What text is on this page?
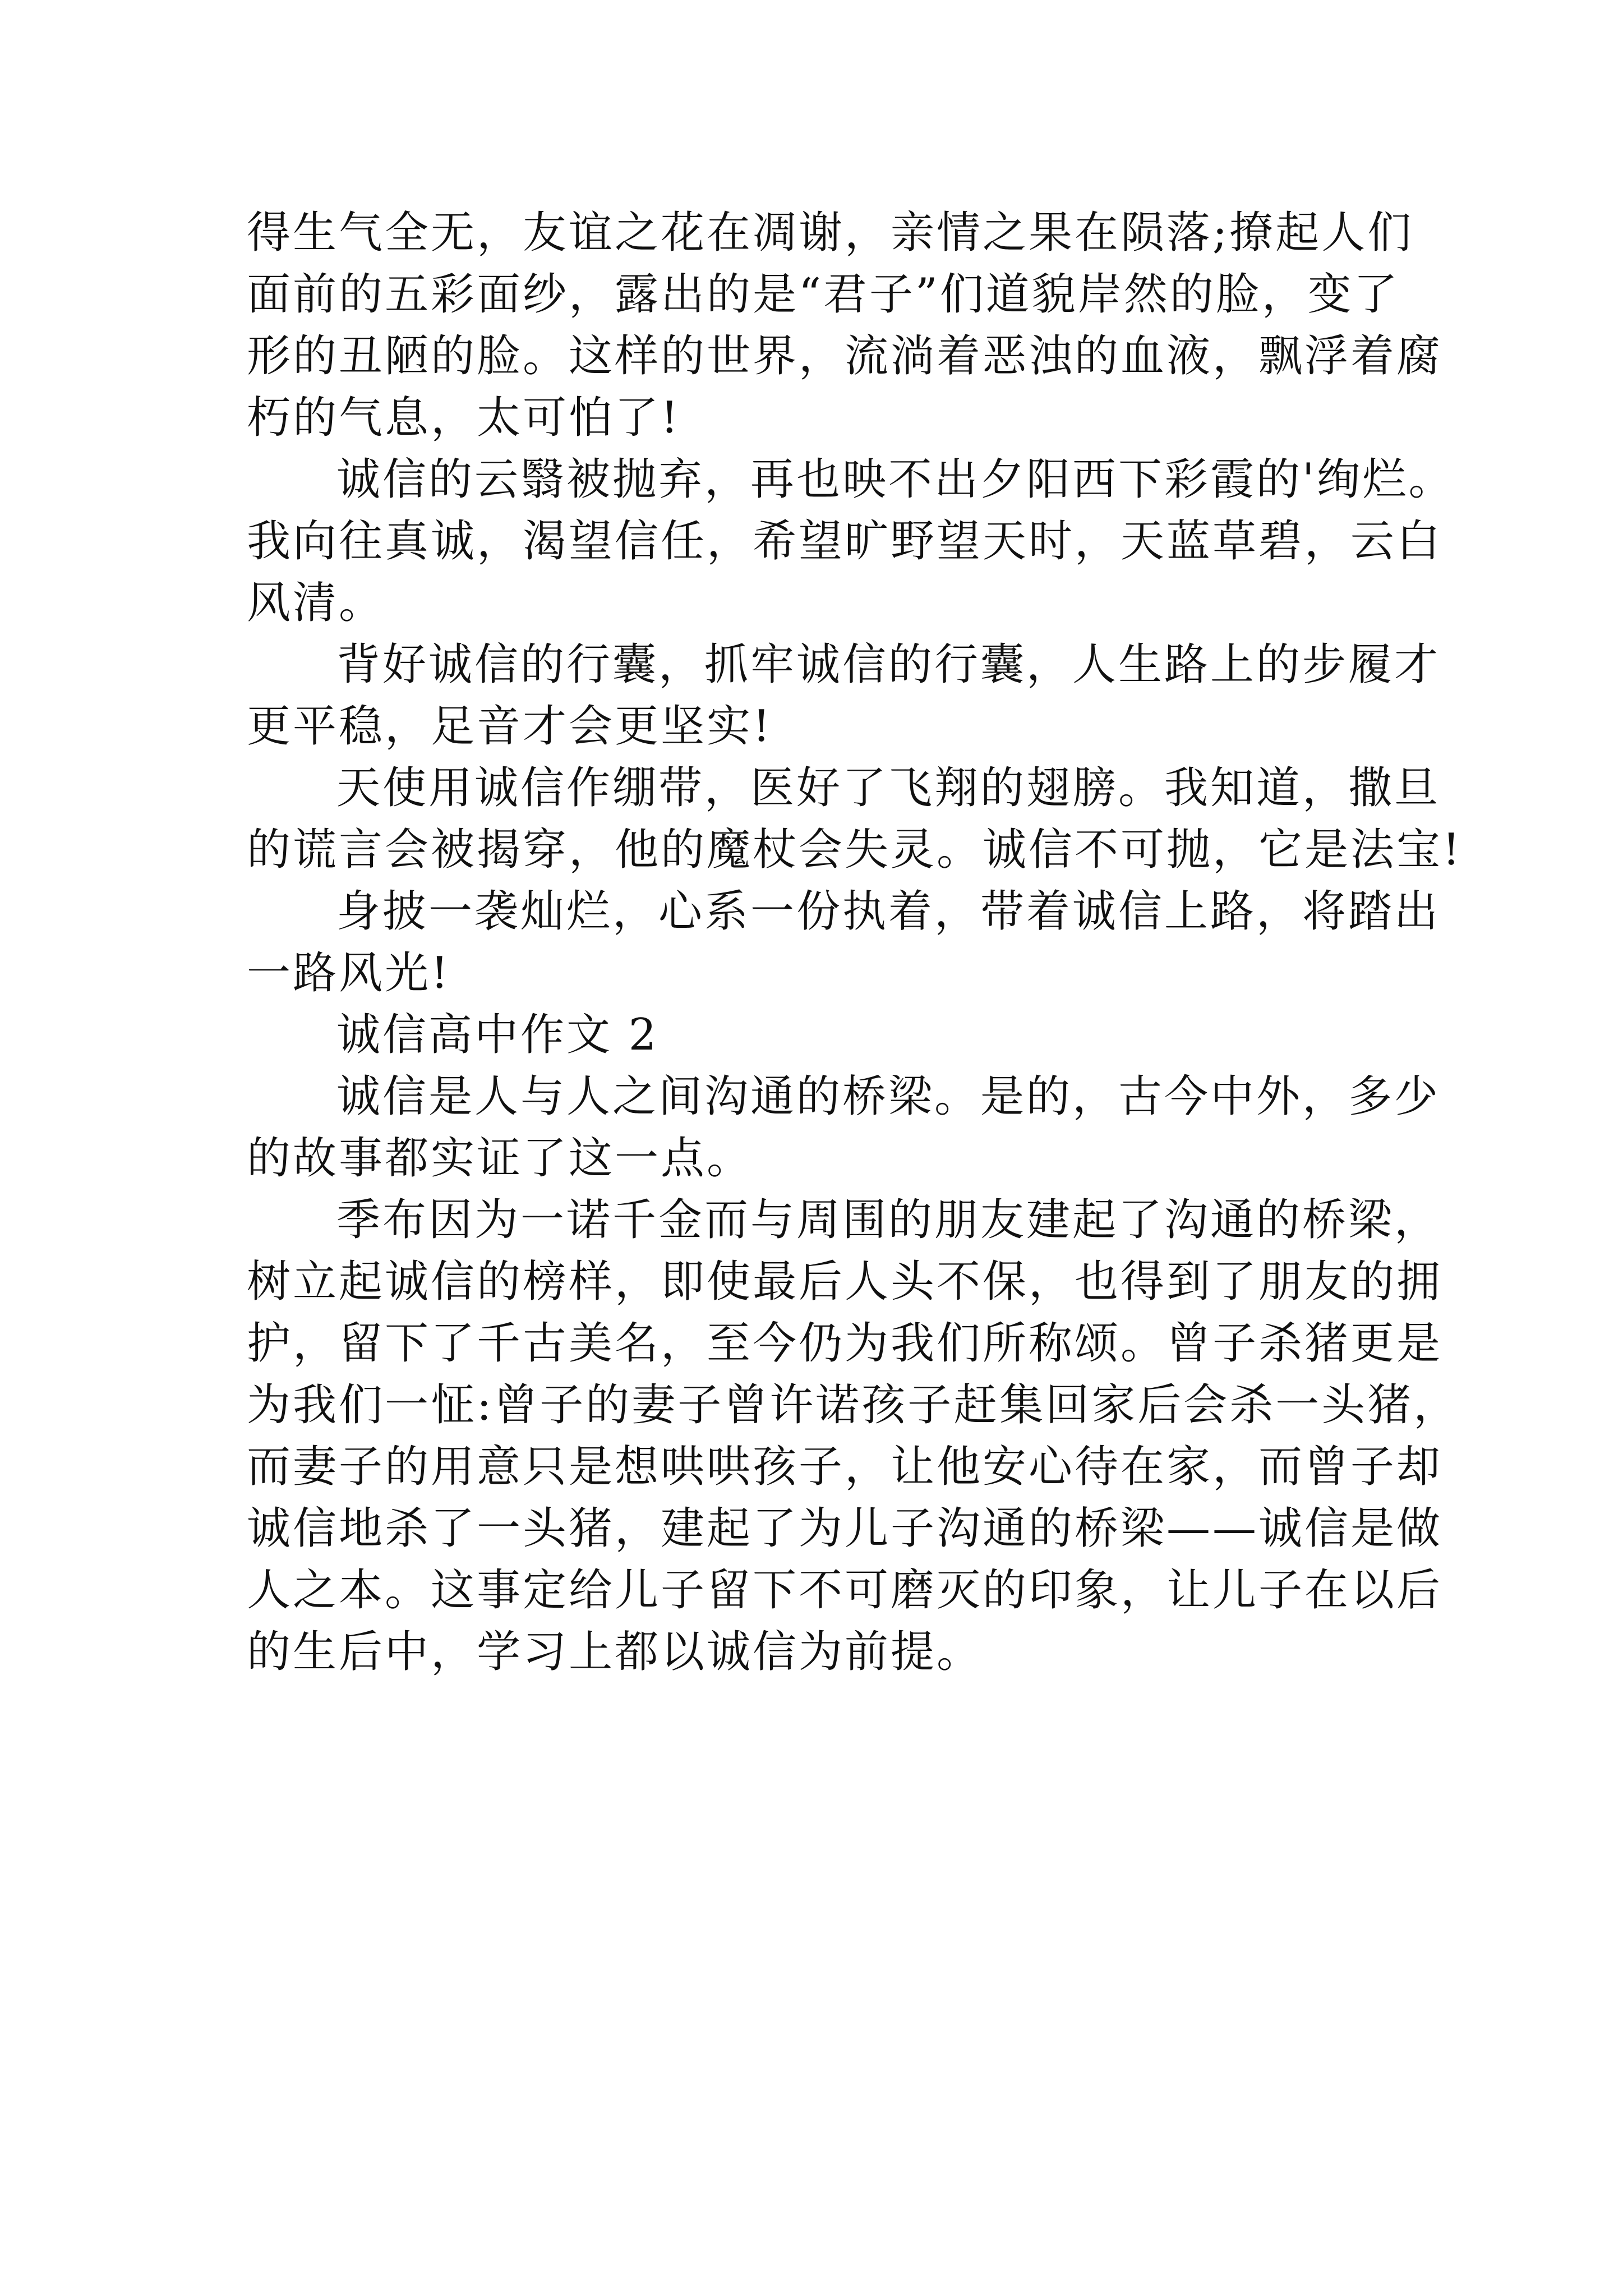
得生气全无，友谊之花在凋谢，亲情之果在陨落;撩起人们
面前的五彩面纱，露出的是“君子”们道貌岸然的脸，变了
形的丑陋的脸。这样的世界，流淌着恶浊的血液，飘浮着腐
朽的气息，太可怕了!
诚信的云翳被抛弃，再也映不出夕阳西下彩霞的'绚烂。
我向往真诚，渴望信任，希望旷野望天时，天蓝草碧，云白
风清。
背好诚信的行囊，抓牢诚信的行囊，人生路上的步履才
更平稳，足音才会更坚实!
天使用诚信作绷带，医好了飞翔的翅膀。我知道，撒旦
的谎言会被揭穿，他的魔杖会失灵。诚信不可抛，它是法宝!
身披一袭灿烂，心系一份执着，带着诚信上路，将踏出
一路风光!
诚信高中作文 2
诚信是人与人之间沟通的桥梁。是的，古今中外，多少
的故事都实证了这一点。
季布因为一诺千金而与周围的朋友建起了沟通的桥梁，
树立起诚信的榜样，即使最后人头不保，也得到了朋友的拥
护，留下了千古美名，至今仍为我们所称颂。曾子杀猪更是
为我们一怔:曾子的妻子曾许诺孩子赶集回家后会杀一头猪，
而妻子的用意只是想哄哄孩子，让他安心待在家，而曾子却
诚信地杀了一头猪，建起了为儿子沟通的桥梁——诚信是做
人之本。这事定给儿子留下不可磨灭的印象，让儿子在以后
的生后中，学习上都以诚信为前提。
